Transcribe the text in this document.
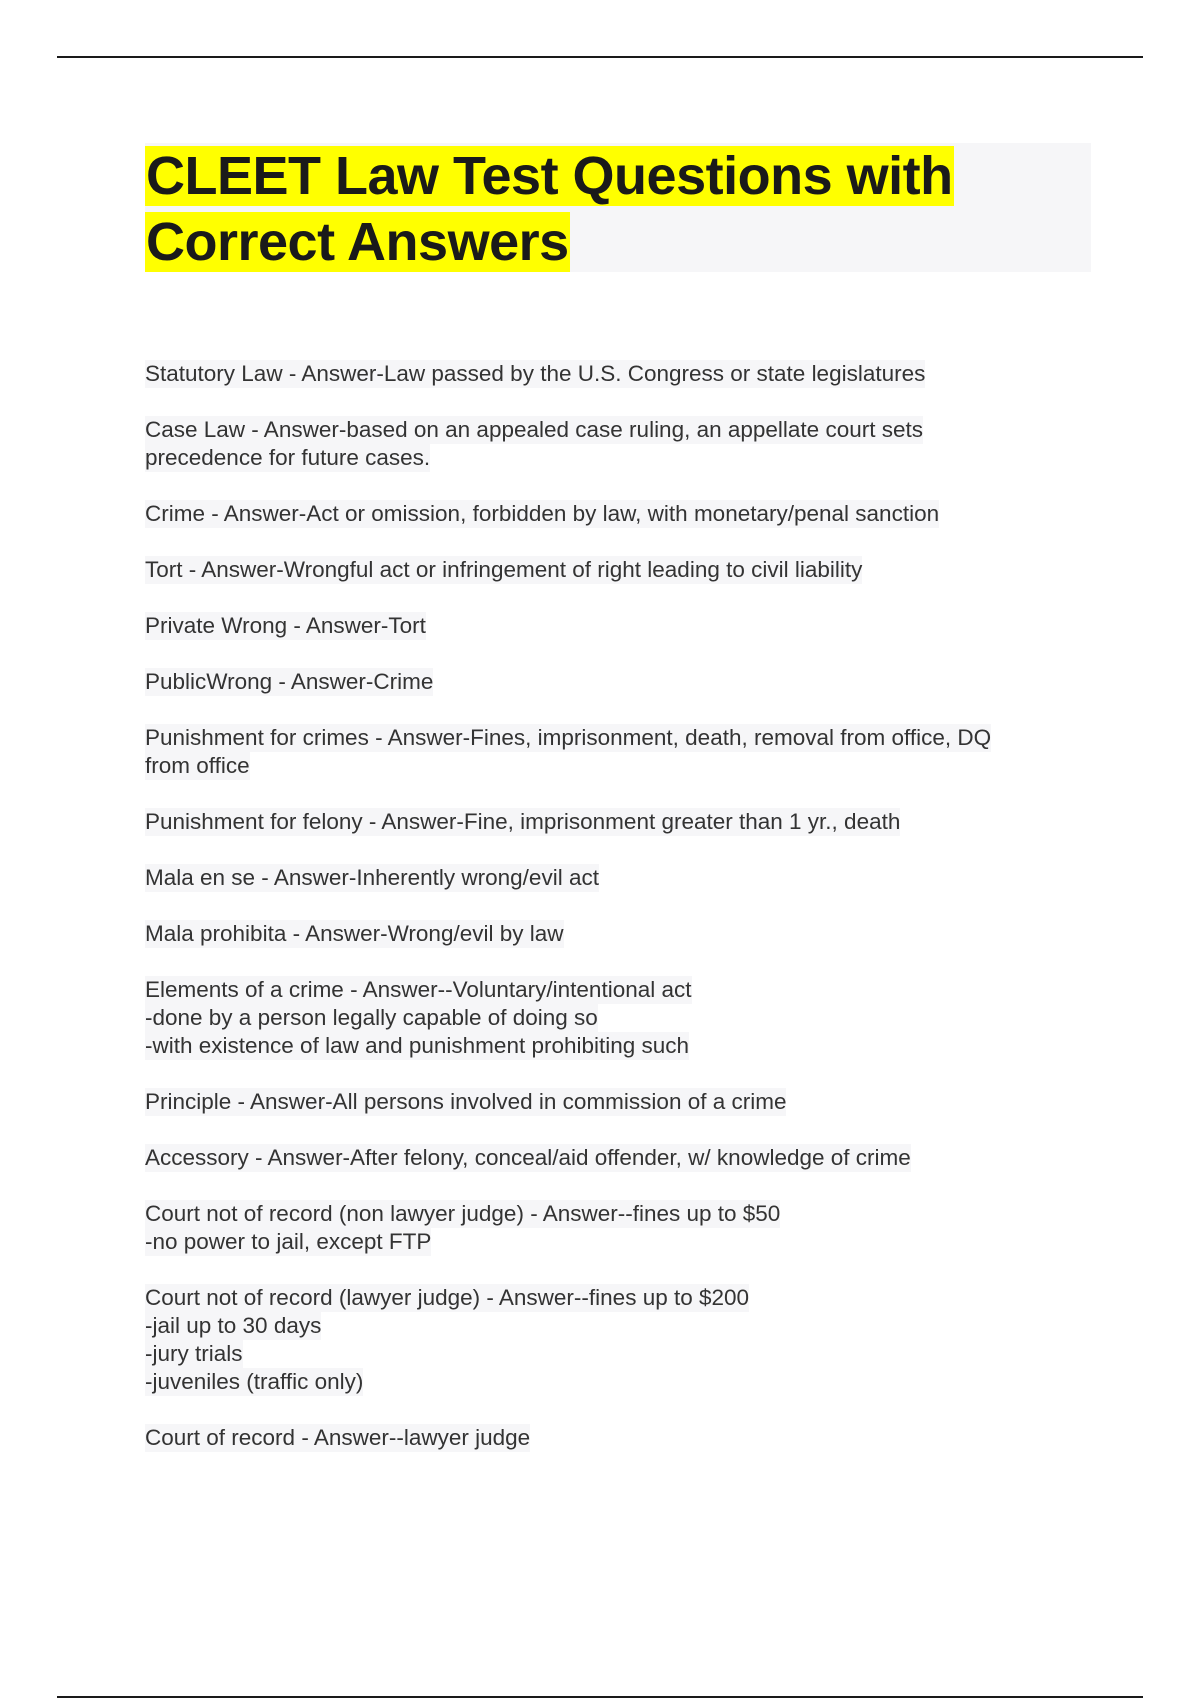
CLEET Law Test Questions with
Correct Answers
Statutory Law - Answer-Law passed by the U.S. Congress or state legislatures
Case Law - Answer-based on an appealed case ruling, an appellate court sets
precedence for future cases.
Crime - Answer-Act or omission, forbidden by law, with monetary/penal sanction
Tort - Answer-Wrongful act or infringement of right leading to civil liability
Private Wrong - Answer-Tort
PublicWrong - Answer-Crime
Punishment for crimes - Answer-Fines, imprisonment, death, removal from office, DQ
from office
Punishment for felony - Answer-Fine, imprisonment greater than 1 yr., death
Mala en se - Answer-Inherently wrong/evil act
Mala prohibita - Answer-Wrong/evil by law
Elements of a crime - Answer--Voluntary/intentional act
-done by a person legally capable of doing so
-with existence of law and punishment prohibiting such
Principle - Answer-All persons involved in commission of a crime
Accessory - Answer-After felony, conceal/aid offender, w/ knowledge of crime
Court not of record (non lawyer judge) - Answer--fines up to $50
-no power to jail, except FTP
Court not of record (lawyer judge) - Answer--fines up to $200
-jail up to 30 days
-jury trials
-juveniles (traffic only)
Court of record - Answer--lawyer judge
